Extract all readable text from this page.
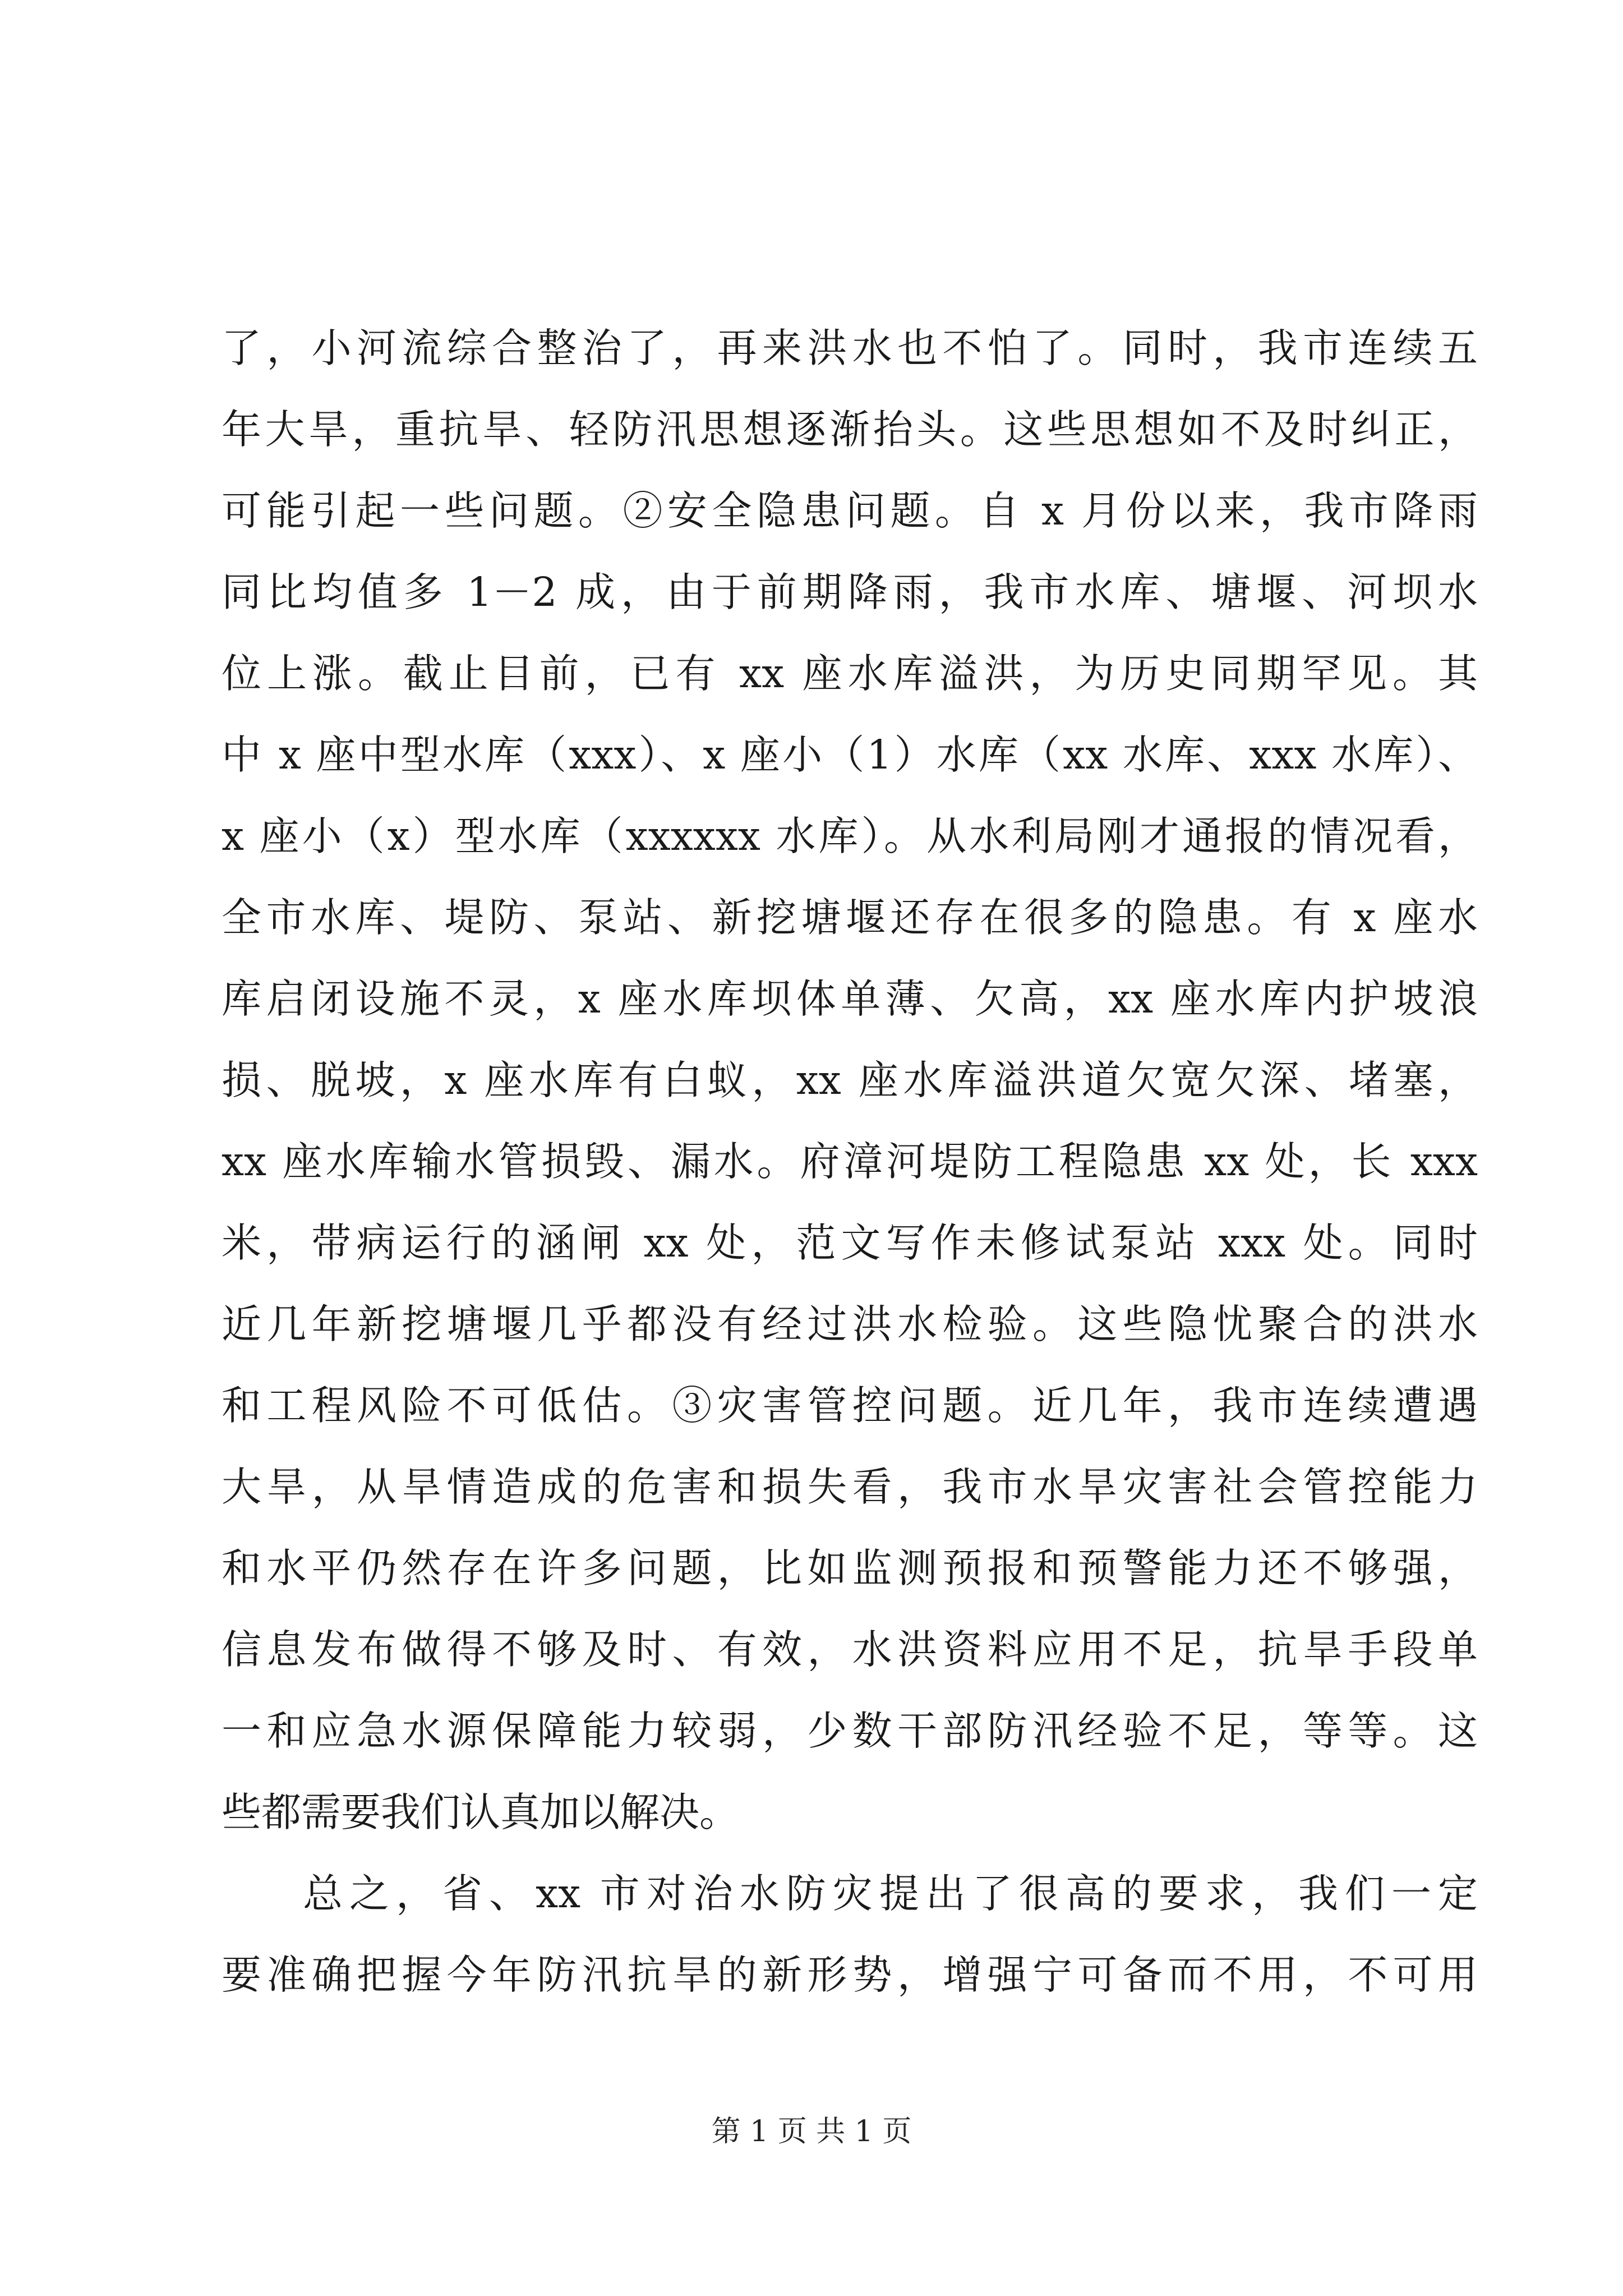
了，小河流综合整治了，再来洪水也不怕了。同时，我市连续五
年大旱，重抗旱、轻防汛思想逐渐抬头。这些思想如不及时纠正，
可能引起一些问题。②安全隐患问题。自 x 月份以来，我市降雨
同比均值多 1－2 成，由于前期降雨，我市水库、塘堰、河坝水
位上涨。截止目前，已有 xx 座水库溢洪，为历史同期罕见。其
中 x 座中型水库（xxx）、x 座小（1）水库（xx 水库、xxx 水库）、
x 座小（x）型水库（xxxxxx 水库）。从水利局刚才通报的情况看，
全市水库、堤防、泵站、新挖塘堰还存在很多的隐患。有 x 座水
库启闭设施不灵，x 座水库坝体单薄、欠高，xx 座水库内护坡浪
损、脱坡，x 座水库有白蚁，xx 座水库溢洪道欠宽欠深、堵塞，
xx 座水库输水管损毁、漏水。府漳河堤防工程隐患 xx 处，长 xxx
米，带病运行的涵闸 xx 处，范文写作未修试泵站 xxx 处。同时
近几年新挖塘堰几乎都没有经过洪水检验。这些隐忧聚合的洪水
和工程风险不可低估。③灾害管控问题。近几年，我市连续遭遇
大旱，从旱情造成的危害和损失看，我市水旱灾害社会管控能力
和水平仍然存在许多问题，比如监测预报和预警能力还不够强，
信息发布做得不够及时、有效，水洪资料应用不足，抗旱手段单
一和应急水源保障能力较弱，少数干部防汛经验不足，等等。这
些都需要我们认真加以解决。
总之，省、xx 市对治水防灾提出了很高的要求，我们一定
要准确把握今年防汛抗旱的新形势，增强宁可备而不用，不可用
第 1 页 共 1 页
